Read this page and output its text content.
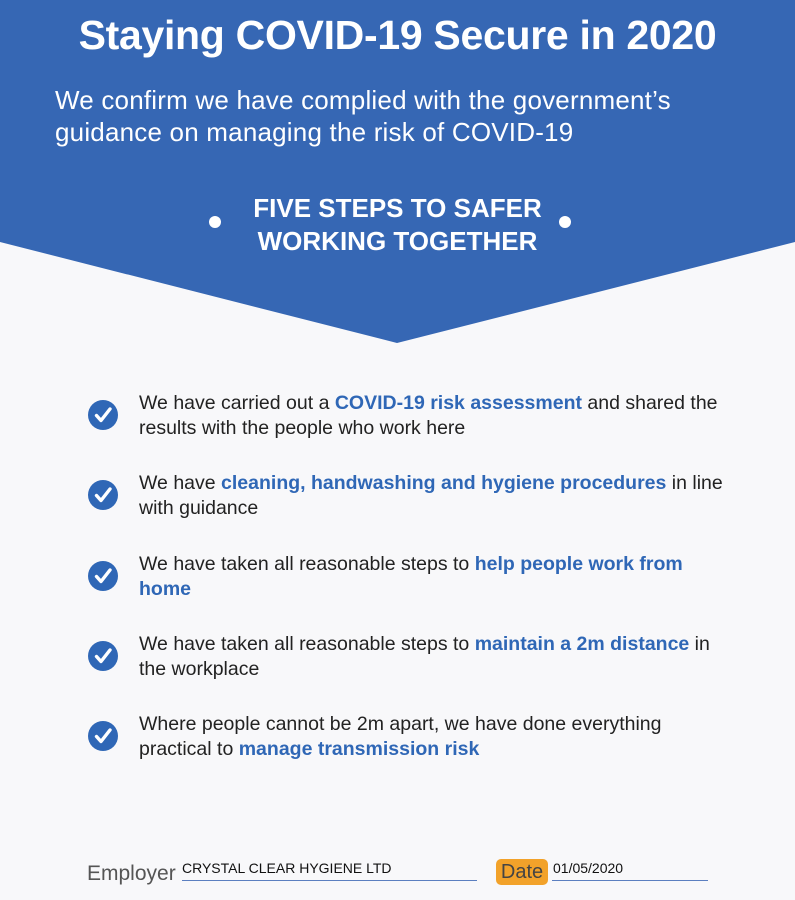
Staying COVID-19 Secure in 2020
We confirm we have complied with the government’s guidance on managing the risk of COVID-19
FIVE STEPS TO SAFER
WORKING TOGETHER
We have carried out a COVID-19 risk assessment and shared the results with the people who work here
We have cleaning, handwashing and hygiene procedures in line with guidance
We have taken all reasonable steps to help people work from home
We have taken all reasonable steps to maintain a 2m distance in the workplace
Where people cannot be 2m apart, we have done everything practical to manage transmission risk
Employer CRYSTAL CLEAR HYGIENE LTD	Date 01/05/2020
